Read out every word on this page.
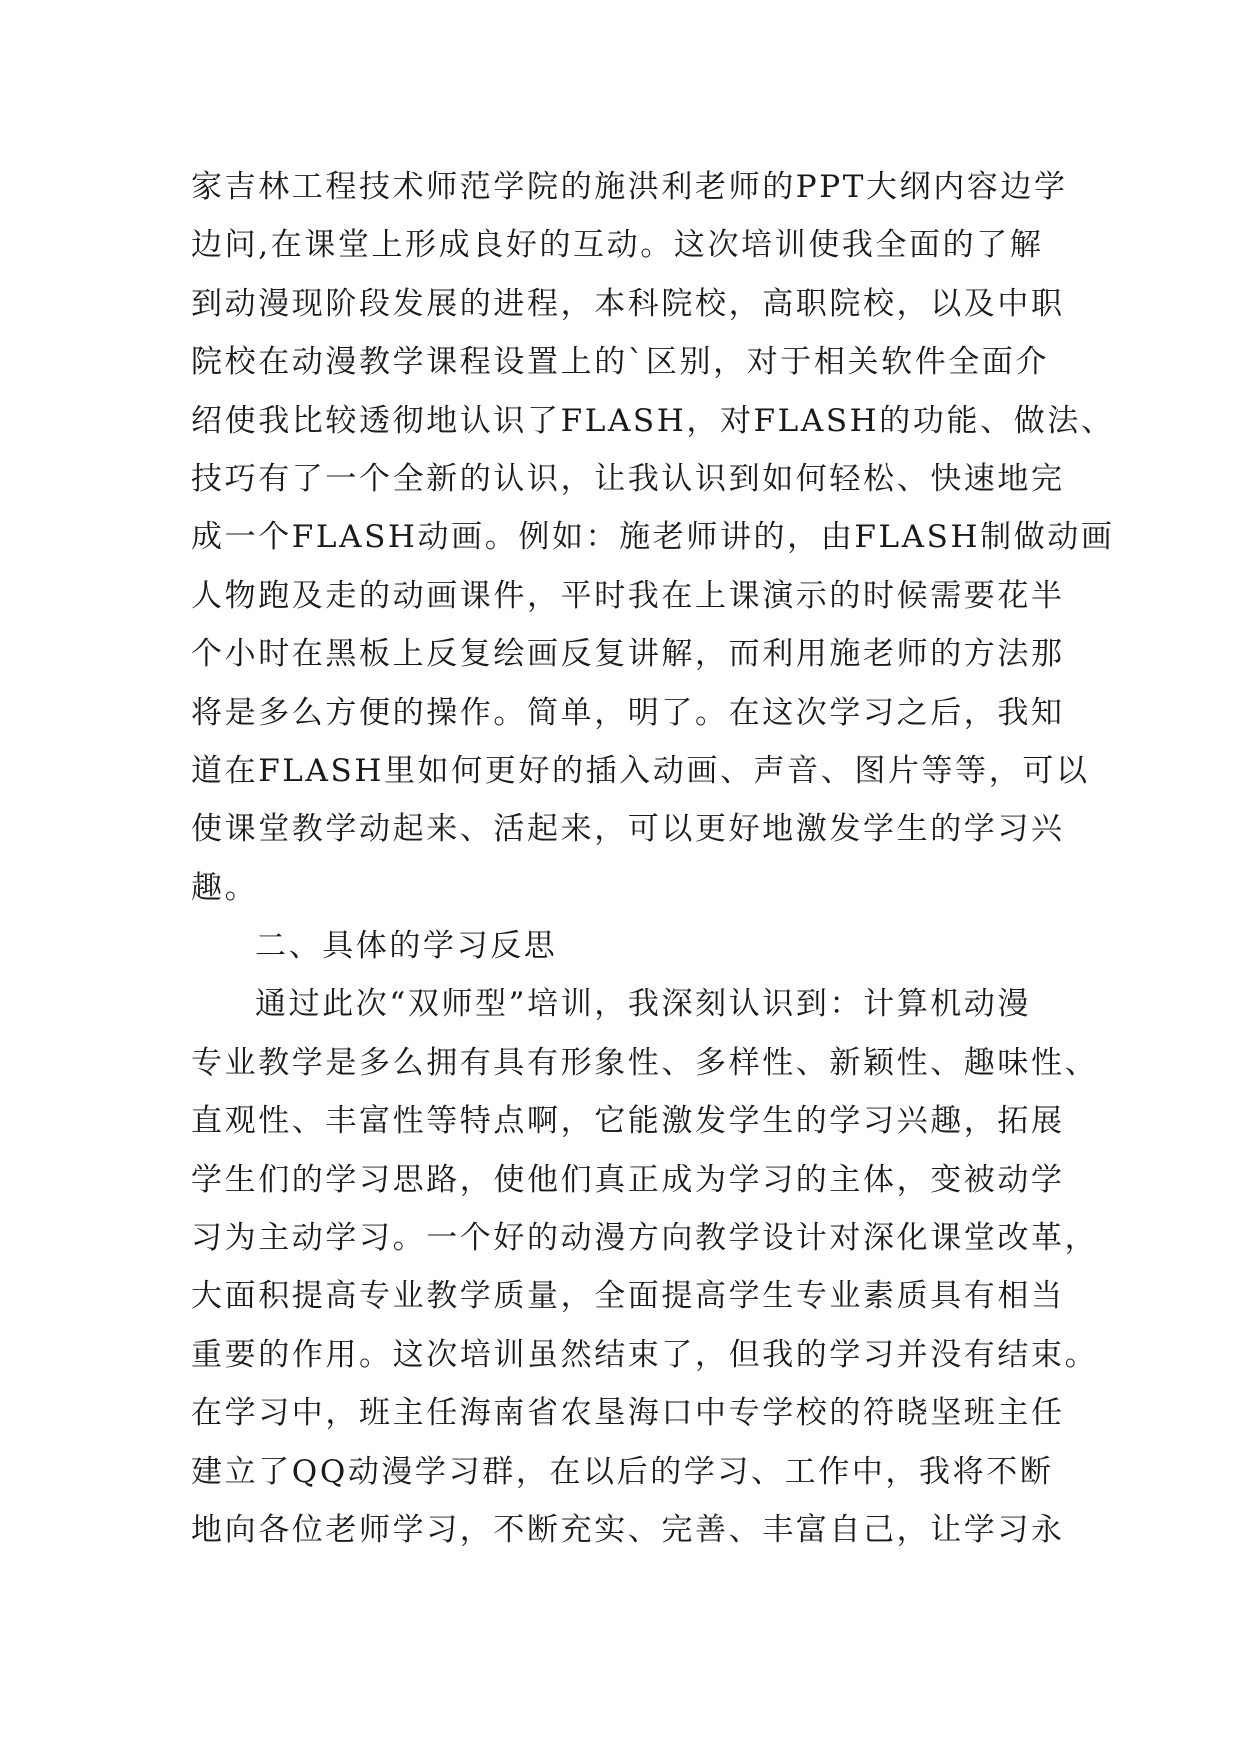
家吉林工程技术师范学院的施洪利老师的PPT大纲内容边学
边问,在课堂上形成良好的互动。这次培训使我全面的了解
到动漫现阶段发展的进程，本科院校，高职院校，以及中职
院校在动漫教学课程设置上的`区别，对于相关软件全面介
绍使我比较透彻地认识了FLASH，对FLASH的功能、做法、
技巧有了一个全新的认识，让我认识到如何轻松、快速地完
成一个FLASH动画。例如：施老师讲的，由FLASH制做动画
人物跑及走的动画课件，平时我在上课演示的时候需要花半
个小时在黑板上反复绘画反复讲解，而利用施老师的方法那
将是多么方便的操作。简单，明了。在这次学习之后，我知
道在FLASH里如何更好的插入动画、声音、图片等等，可以
使课堂教学动起来、活起来，可以更好地激发学生的学习兴
趣。
二、具体的学习反思
通过此次“双师型”培训，我深刻认识到：计算机动漫
专业教学是多么拥有具有形象性、多样性、新颖性、趣味性、
直观性、丰富性等特点啊，它能激发学生的学习兴趣，拓展
学生们的学习思路，使他们真正成为学习的主体，变被动学
习为主动学习。一个好的动漫方向教学设计对深化课堂改革，
大面积提高专业教学质量，全面提高学生专业素质具有相当
重要的作用。这次培训虽然结束了，但我的学习并没有结束。
在学习中，班主任海南省农垦海口中专学校的符晓坚班主任
建立了QQ动漫学习群，在以后的学习、工作中，我将不断
地向各位老师学习，不断充实、完善、丰富自己，让学习永
